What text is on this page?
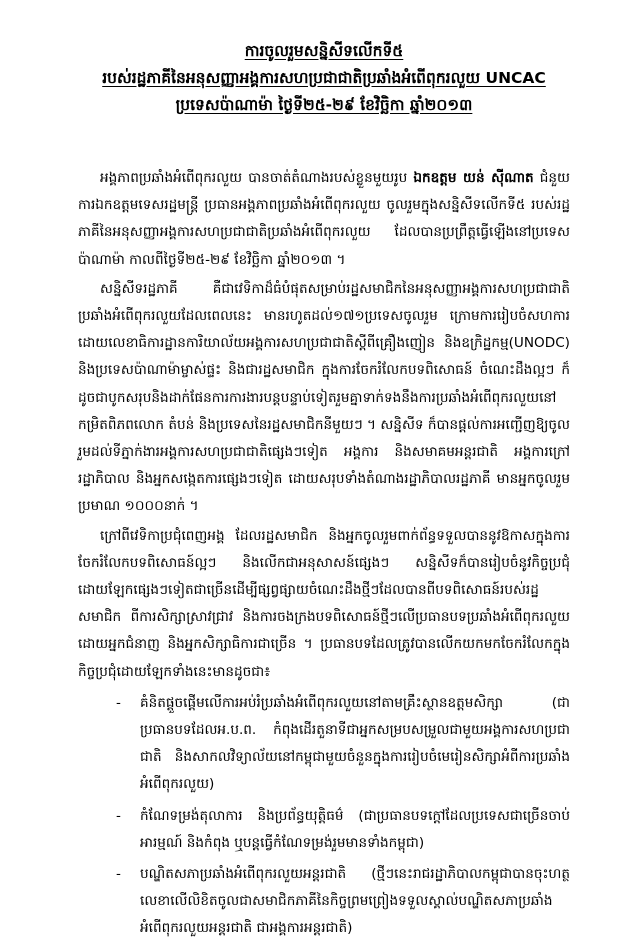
ការចូលរួមសន្និសីទលើកទី៥
របស់រដ្ឋភាគីនៃអនុសញ្ញាអង្គការសហប្រជាជាតិប្រឆាំងអំពើពុករលួយ UNCAC
ប្រទេសប៉ាណាម៉ា ថ្ងៃទី២៥-២៩ ខែវិច្ឆិកា ឆ្នាំ២០១៣

អង្គភាពប្រឆាំងអំពើពុករលួយ បានចាត់តំណាងរបស់ខ្លួនមួយរូប ឯកឧត្តម យន់ ស៊ីណាត ជំនួយការឯកឧត្តមទេសរដ្ឋមន្ត្រី ប្រធានអង្គភាពប្រឆាំងអំពើពុករលួយ ចូលរួមក្នុងសន្និសីទលើកទី៥ របស់រដ្ឋភាគីនៃអនុសញ្ញាអង្គការសហប្រជាជាតិប្រឆាំងអំពើពុករលួយ ដែលបានប្រព្រឹត្តធ្វើឡើងនៅប្រទេសប៉ាណាម៉ា កាលពីថ្ងៃទី២៥-២៩ ខែវិច្ឆិកា ឆ្នាំ២០១៣ ។

សន្និសីទរដ្ឋភាគី គឺជាវេទិកាដ៏ធំបំផុតសម្រាប់រដ្ឋសមាជិកនៃអនុសញ្ញាអង្គការសហប្រជាជាតិប្រឆាំងអំពើពុករលួយដែលពេលនេះ មានរហូតដល់១៧១ប្រទេសចូលរួម ក្រោមការរៀបចំសហការដោយលេខាធិការដ្ឋានការិយាល័យអង្គការសហប្រជាជាតិស្តីពីគ្រឿងញៀន និងឧក្រិដ្ឋកម្ម(UNODC) និងប្រទេសប៉ាណាម៉ាម្ចាស់ផ្ទះ និងជារដ្ឋសមាជិក ក្នុងការចែករំលែកបទពិសោធន៍ ចំណេះដឹងល្អៗ ក៏ដូចជាបូកសរុបនិងដាក់ផែនការការងារបន្តបន្ទាប់ទៀតរួមគ្នាទាក់ទងនឹងការប្រឆាំងអំពើពុករលួយនៅកម្រិតពិភពលោក តំបន់ និងប្រទេសនៃរដ្ឋសមាជិកនីមួយៗ ។ សន្និសីទ ក៏បានផ្តល់ការអញ្ជើញឱ្យចូលរួមដល់ទីភ្នាក់ងារអង្គការសហប្រជាជាតិផ្សេងៗទៀត អង្គការ និងសមាគមអន្តរជាតិ អង្គការក្រៅរដ្ឋាភិបាល និងអ្នកសង្កេតការផ្សេងៗទៀត ដោយសរុបទាំងតំណាងរដ្ឋាភិបាលរដ្ឋភាគី មានអ្នកចូលរួមប្រមាណ ១០០០នាក់ ។

ក្រៅពីវេទិកាប្រជុំពេញអង្គ ដែលរដ្ឋសមាជិក និងអ្នកចូលរួមពាក់ព័ន្ធទទួលបាននូវឱកាសក្នុងការចែករំលែកបទពិសោធន៍ល្អៗ និងលើកជាអនុសាសន៍ផ្សេងៗ សន្និសីទក៏បានរៀបចំនូវកិច្ចប្រជុំដោយឡែកផ្សេងៗទៀតជាច្រើនដើម្បីផ្សព្វផ្សាយចំណេះដឹងថ្មីៗដែលបានពីបទពិសោធន៍របស់រដ្ឋសមាជិក ពីការសិក្សាស្រាវជ្រាវ និងការចងក្រងបទពិសោធន៍ថ្មីៗលើប្រធានបទប្រឆាំងអំពើពុករលួយដោយអ្នកជំនាញ និងអ្នកសិក្សាធិការជាច្រើន ។ ប្រធានបទដែលត្រូវបានលើកយកមកចែករំលែកក្នុងកិច្ចប្រជុំដោយឡែកទាំងនេះមានដូចជា៖

- គំនិតផ្តួចផ្តើមលើការអប់រំប្រឆាំងអំពើពុករលួយនៅតាមគ្រឹះស្ថានឧត្តមសិក្សា (ជាប្រធានបទដែលអ.ប.ព. កំពុងដើរតួនាទីជាអ្នកសម្របសម្រួលជាមួយអង្គការសហប្រជាជាតិ និងសាកលវិទ្យាល័យនៅកម្ពុជាមួយចំនួនក្នុងការរៀបចំមេរៀនសិក្សាអំពីការប្រឆាំងអំពើពុករលួយ)
- កំណែទម្រង់តុលាការ និងប្រព័ន្ធយុត្តិធម៌ (ជាប្រធានបទក្តៅដែលប្រទេសជាច្រើនចាប់អារម្មណ៍ និងកំពុង ឬបន្តធ្វើកំណែទម្រង់រួមមានទាំងកម្ពុជា)
- បណ្ឌិតសភាប្រឆាំងអំពើពុករលួយអន្តរជាតិ (ថ្មីៗនេះរាជរដ្ឋាភិបាលកម្ពុជាបានចុះហត្ថលេខាលើលិខិតចូលជាសមាជិកភាគីនៃកិច្ចព្រមព្រៀងទទួលស្គាល់បណ្ឌិតសភាប្រឆាំងអំពើពុករលួយអន្តរជាតិ ជាអង្គការអន្តរជាតិ)
